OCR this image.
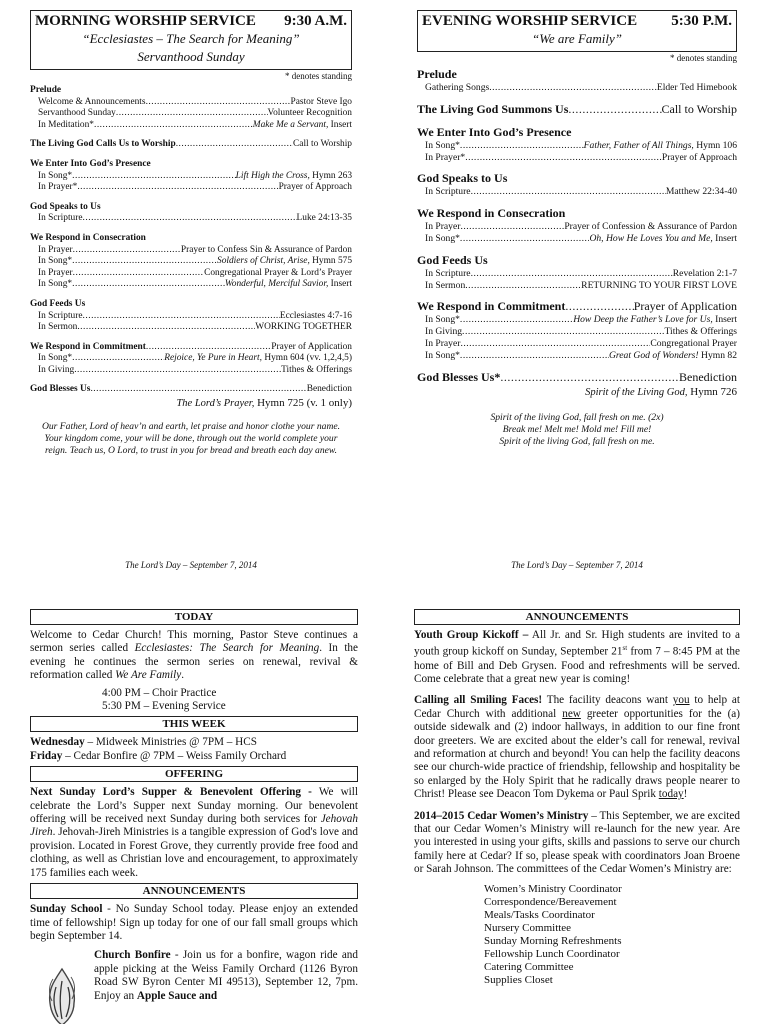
MORNING WORSHIP SERVICE 9:30 A.M.
“Ecclesiastes – The Search for Meaning”
Servanthood Sunday
* denotes standing
Prelude
Welcome & Announcements .....	Pastor Steve Igo
Servanthood Sunday .....	Volunteer Recognition
In Meditation* .....	Make Me a Servant, Insert
The Living God Calls Us to Worship .....	Call to Worship
We Enter Into God’s Presence
In Song* .....	Lift High the Cross, Hymn 263
In Prayer* .....	Prayer of Approach
God Speaks to Us
In Scripture .....	Luke 24:13-35
We Respond in Consecration
In Prayer .....	Prayer to Confess Sin & Assurance of Pardon
In Song* .....	Soldiers of Christ, Arise, Hymn 575
In Prayer .....	Congregational Prayer & Lord’s Prayer
In Song* .....	Wonderful, Merciful Savior, Insert
God Feeds Us
In Scripture .....	Ecclesiastes 4:7-16
In Sermon .....	WORKING TOGETHER
We Respond in Commitment .....	Prayer of Application
In Song* .....	Rejoice, Ye Pure in Heart, Hymn 604 (vv. 1,2,4,5)
In Giving .....	Tithes & Offerings
God Blesses Us .....	Benediction
The Lord’s Prayer, Hymn 725 (v. 1 only)
Our Father, Lord of heav’n and earth, let praise and honor clothe your name. Your kingdom come, your will be done, through out the world complete your reign. Teach us, O Lord, to trust in you for bread and breath each day anew.
The Lord’s Day – September 7, 2014
EVENING WORSHIP SERVICE 5:30 P.M.
“We are Family”
* denotes standing
Prelude
Gathering Songs .....	Elder Ted Himebook
The Living God Summons Us .....	Call to Worship
We Enter Into God’s Presence
In Song* .....	Father, Father of All Things, Hymn 106
In Prayer* .....	Prayer of Approach
God Speaks to Us
In Scripture .....	Matthew 22:34-40
We Respond in Consecration
In Prayer .....	Prayer of Confession & Assurance of Pardon
In Song* .....	Oh, How He Loves You and Me, Insert
God Feeds Us
In Scripture .....	Revelation 2:1-7
In Sermon .....	RETURNING TO YOUR FIRST LOVE
We Respond in Commitment .....	Prayer of Application
In Song* .....	How Deep the Father’s Love for Us, Insert
In Giving .....	Tithes & Offerings
In Prayer .....	Congregational Prayer
In Song* .....	Great God of Wonders! Hymn 82
God Blesses Us* .....	Benediction
Spirit of the Living God, Hymn 726
Spirit of the living God, fall fresh on me. (2x)
Break me! Melt me! Mold me! Fill me!
Spirit of the living God, fall fresh on me.
The Lord’s Day – September 7, 2014
TODAY

Welcome to Cedar Church! This morning, Pastor Steve continues a sermon series called Ecclesiastes: The Search for Meaning. In the evening he continues the sermon series on renewal, revival & reformation called We Are Family.

4:00 PM – Choir Practice
5:30 PM – Evening Service
THIS WEEK
Wednesday – Midweek Ministries @ 7PM – HCS
Friday – Cedar Bonfire @ 7PM – Weiss Family Orchard
OFFERING

Next Sunday Lord’s Supper & Benevolent Offering - We will celebrate the Lord’s Supper next Sunday morning. Our benevolent offering will be received next Sunday during both services for Jehovah Jireh. Jehovah-Jireh Ministries is a tangible expression of God's love and provision. Located in Forest Grove, they currently provide free food and clothing, as well as Christian love and encouragement, to approximately 175 families each week.

ANNOUNCEMENTS

Sunday School - No Sunday School today. Please enjoy an extended time of fellowship! Sign up today for one of our fall small groups which begin September 14.

Church Bonfire - Join us for a bonfire, wagon ride and apple picking at the Weiss Family Orchard (1126 Byron Road SW Byron Center MI 49513), September 12, 7pm. Enjoy an Apple Sauce and

ANNOUNCEMENTS

Youth Group Kickoff – All Jr. and Sr. High students are invited to a youth group kickoff on Sunday, September 21st from 7 – 8:45 PM at the home of Bill and Deb Grysen. Food and refreshments will be served. Come celebrate that a great new year is coming!

Calling all Smiling Faces! The facility deacons want you to help at Cedar Church with additional new greeter opportunities for the (a) outside sidewalk and (2) indoor hallways, in addition to our fine front door greeters. We are excited about the elder’s call for renewal, revival and reformation at church and beyond! You can help the facility deacons see our church-wide practice of friendship, fellowship and hospitality be so enlarged by the Holy Spirit that he radically draws people nearer to Christ! Please see Deacon Tom Dykema or Paul Sprik today!

2014–2015 Cedar Women’s Ministry – This September, we are excited that our Cedar Women’s Ministry will re-launch for the new year. Are you interested in using your gifts, skills and passions to serve our church family here at Cedar? If so, please speak with coordinators Joan Broene or Sarah Johnson. The committees of the Cedar Women’s Ministry are:

Women’s Ministry Coordinator
Correspondence/Bereavement
Meals/Tasks Coordinator
Nursery Committee
Sunday Morning Refreshments
Fellowship Lunch Coordinator
Catering Committee
Supplies Closet
